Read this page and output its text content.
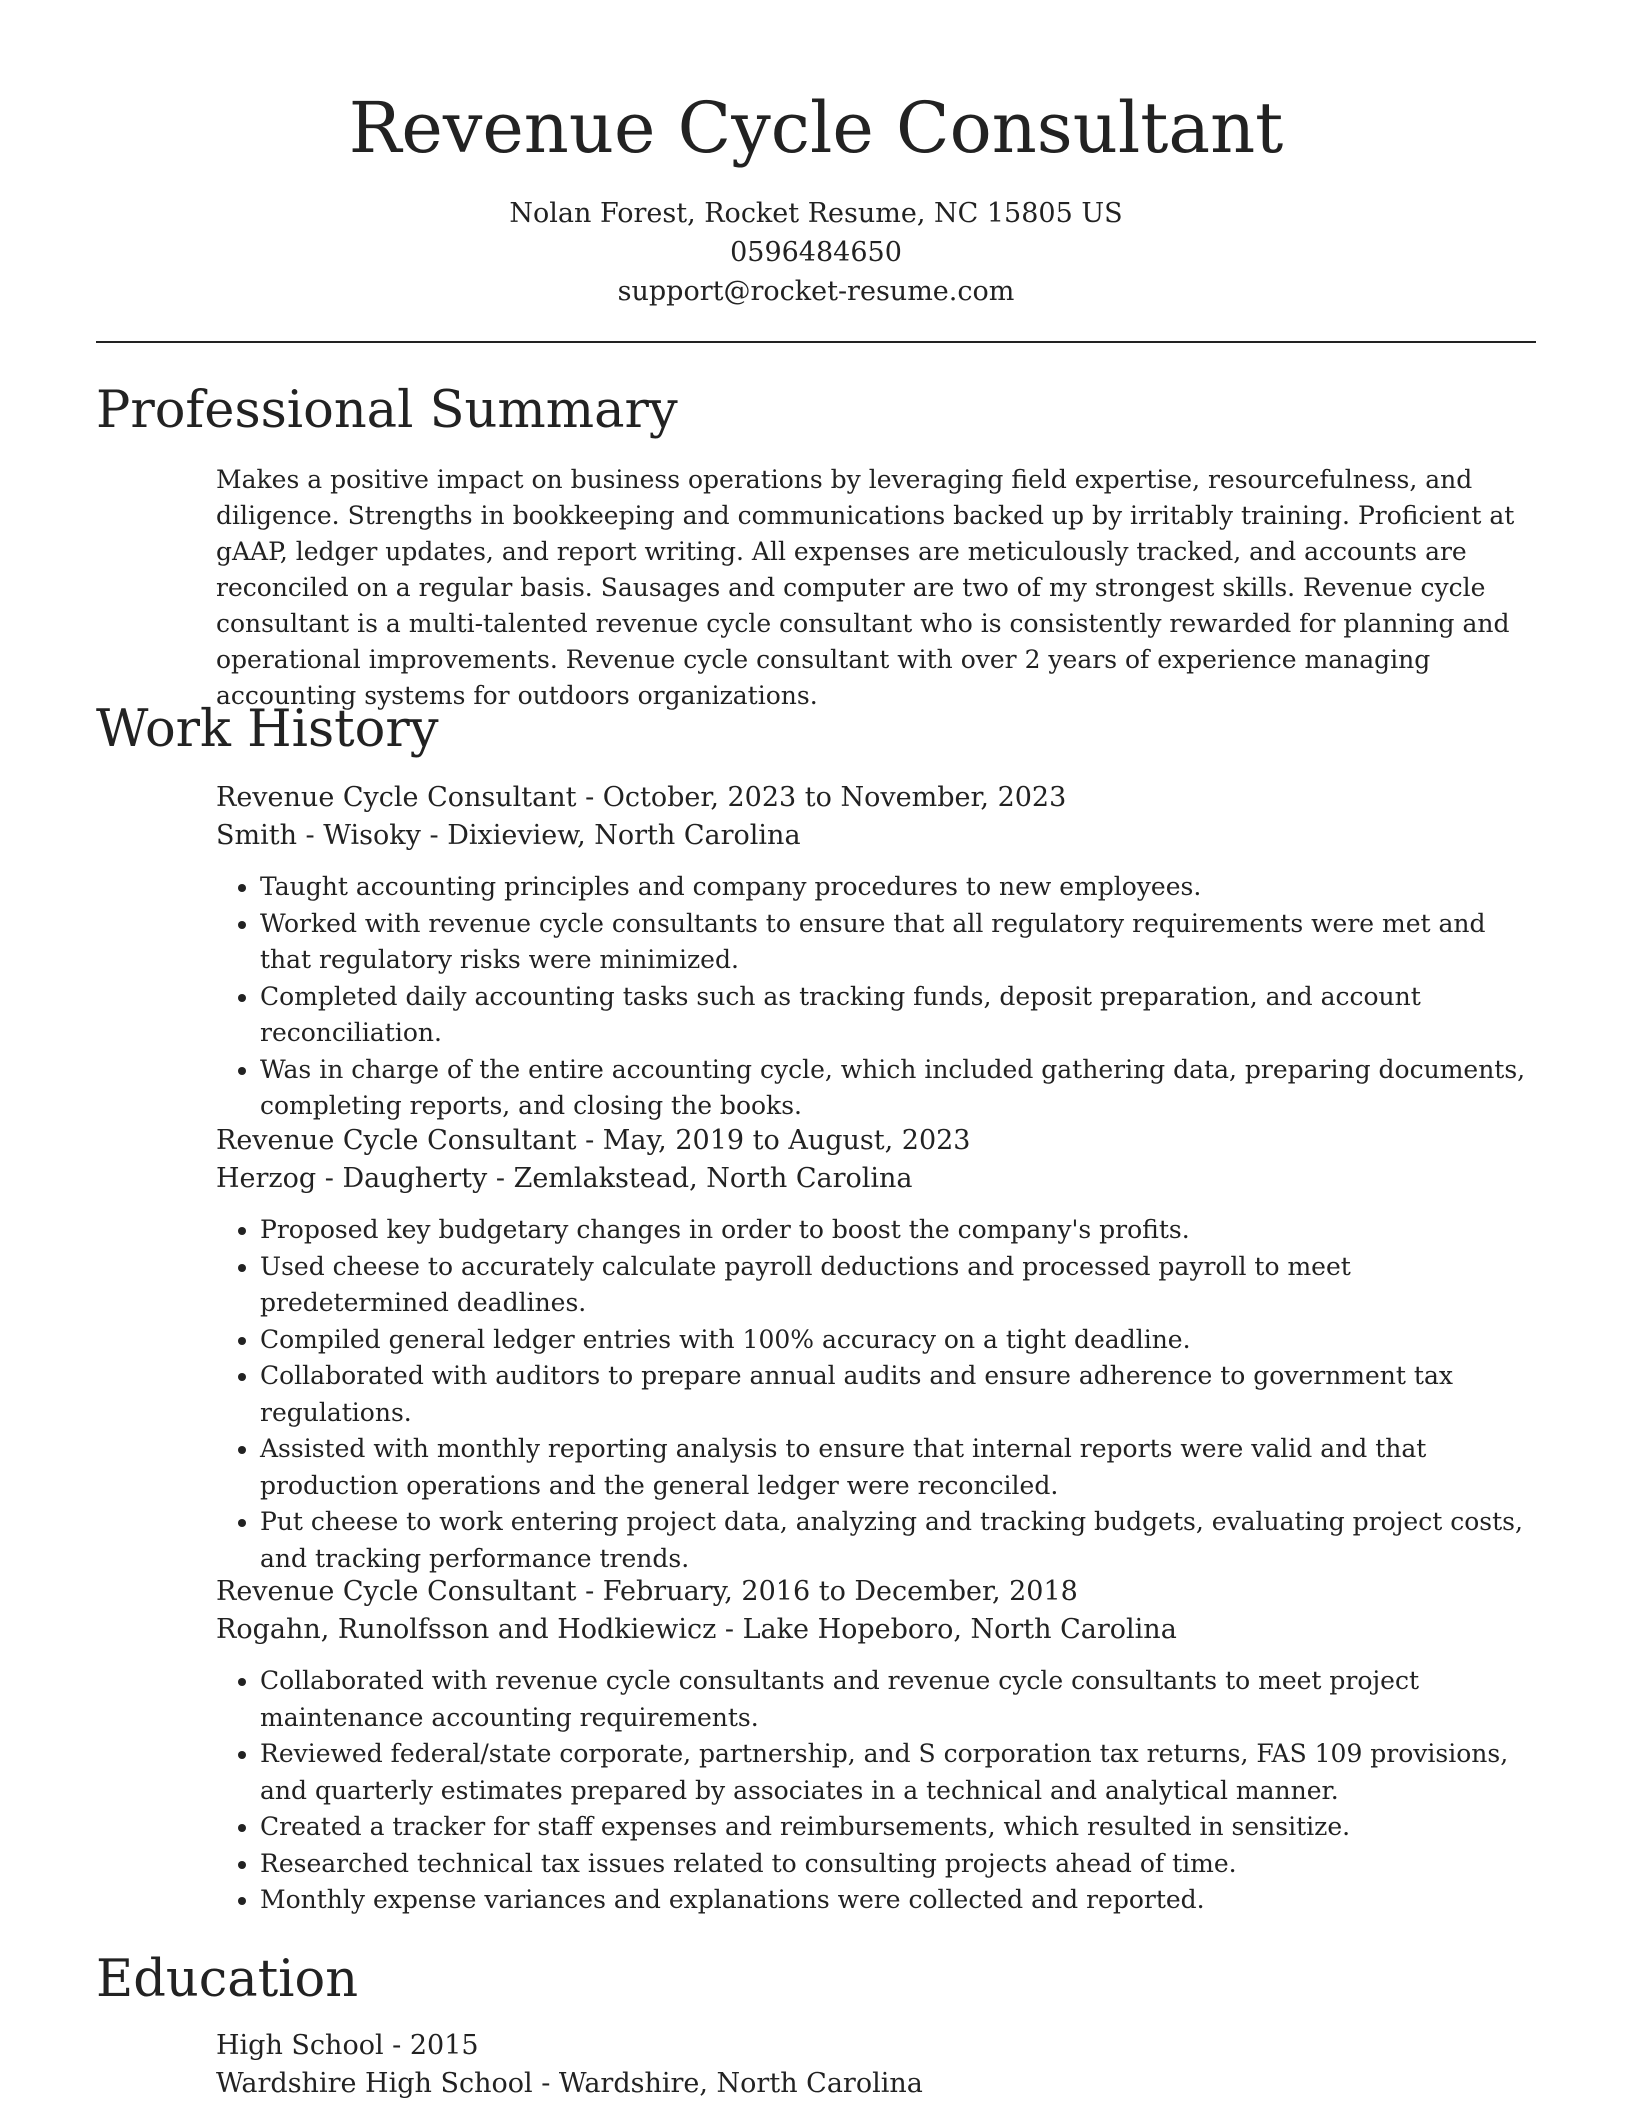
Revenue Cycle Consultant
Nolan Forest, Rocket Resume, NC 15805 US
0596484650
support@rocket-resume.com
Professional Summary

Makes a positive impact on business operations by leveraging field expertise, resourcefulness, and diligence. Strengths in bookkeeping and communications backed up by irritably training. Proficient at gAAP, ledger updates, and report writing. All expenses are meticulously tracked, and accounts are reconciled on a regular basis. Sausages and computer are two of my strongest skills. Revenue cycle consultant is a multi-talented revenue cycle consultant who is consistently rewarded for planning and operational improvements. Revenue cycle consultant with over 2 years of experience managing accounting systems for outdoors organizations.

Work History

Revenue Cycle Consultant - October, 2023 to November, 2023

Smith - Wisoky - Dixieview, North Carolina

• Taught accounting principles and company procedures to new employees.
• Worked with revenue cycle consultants to ensure that all regulatory requirements were met and that regulatory risks were minimized.
• Completed daily accounting tasks such as tracking funds, deposit preparation, and account reconciliation.
• Was in charge of the entire accounting cycle, which included gathering data, preparing documents, completing reports, and closing the books.

Revenue Cycle Consultant - May, 2019 to August, 2023

Herzog - Daugherty - Zemlakstead, North Carolina

• Proposed key budgetary changes in order to boost the company's profits.
• Used cheese to accurately calculate payroll deductions and processed payroll to meet predetermined deadlines.
• Compiled general ledger entries with 100% accuracy on a tight deadline.
• Collaborated with auditors to prepare annual audits and ensure adherence to government tax regulations.
• Assisted with monthly reporting analysis to ensure that internal reports were valid and that production operations and the general ledger were reconciled.
• Put cheese to work entering project data, analyzing and tracking budgets, evaluating project costs, and tracking performance trends.

Revenue Cycle Consultant - February, 2016 to December, 2018

Rogahn, Runolfsson and Hodkiewicz - Lake Hopeboro, North Carolina

• Collaborated with revenue cycle consultants and revenue cycle consultants to meet project maintenance accounting requirements.
• Reviewed federal/state corporate, partnership, and S corporation tax returns, FAS 109 provisions, and quarterly estimates prepared by associates in a technical and analytical manner.
• Created a tracker for staff expenses and reimbursements, which resulted in sensitize.
• Researched technical tax issues related to consulting projects ahead of time.
• Monthly expense variances and explanations were collected and reported.
Education

High School - 2015

Wardshire High School - Wardshire, North Carolina
